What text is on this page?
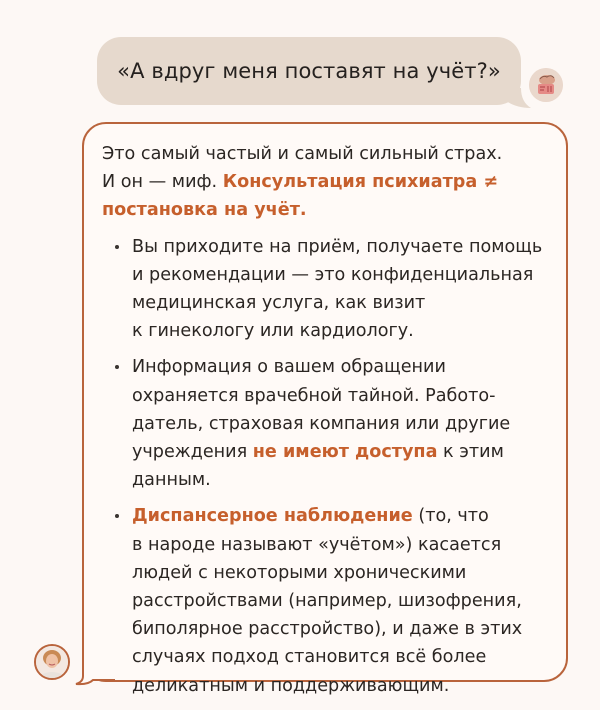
«А вдруг меня поставят на учёт?»
Это самый частый и самый сильный страх.
И он — миф. Консультация психиатра ≠
постановка на учёт.
Вы приходите на приём, получаете помощь
и рекомендации — это конфиденциальная
медицинская услуга, как визит
к гинекологу или кардиологу.
Информация о вашем обращении
охраняется врачебной тайной. Работо-
датель, страховая компания или другие
учреждения не имеют доступа к этим
данным.
Диспансерное наблюдение (то, что
в народе называют «учётом») касается
людей с некоторыми хроническими
расстройствами (например, шизофрения,
биполярное расстройство), и даже в этих
случаях подход становится всё более
деликатным и поддерживающим.
